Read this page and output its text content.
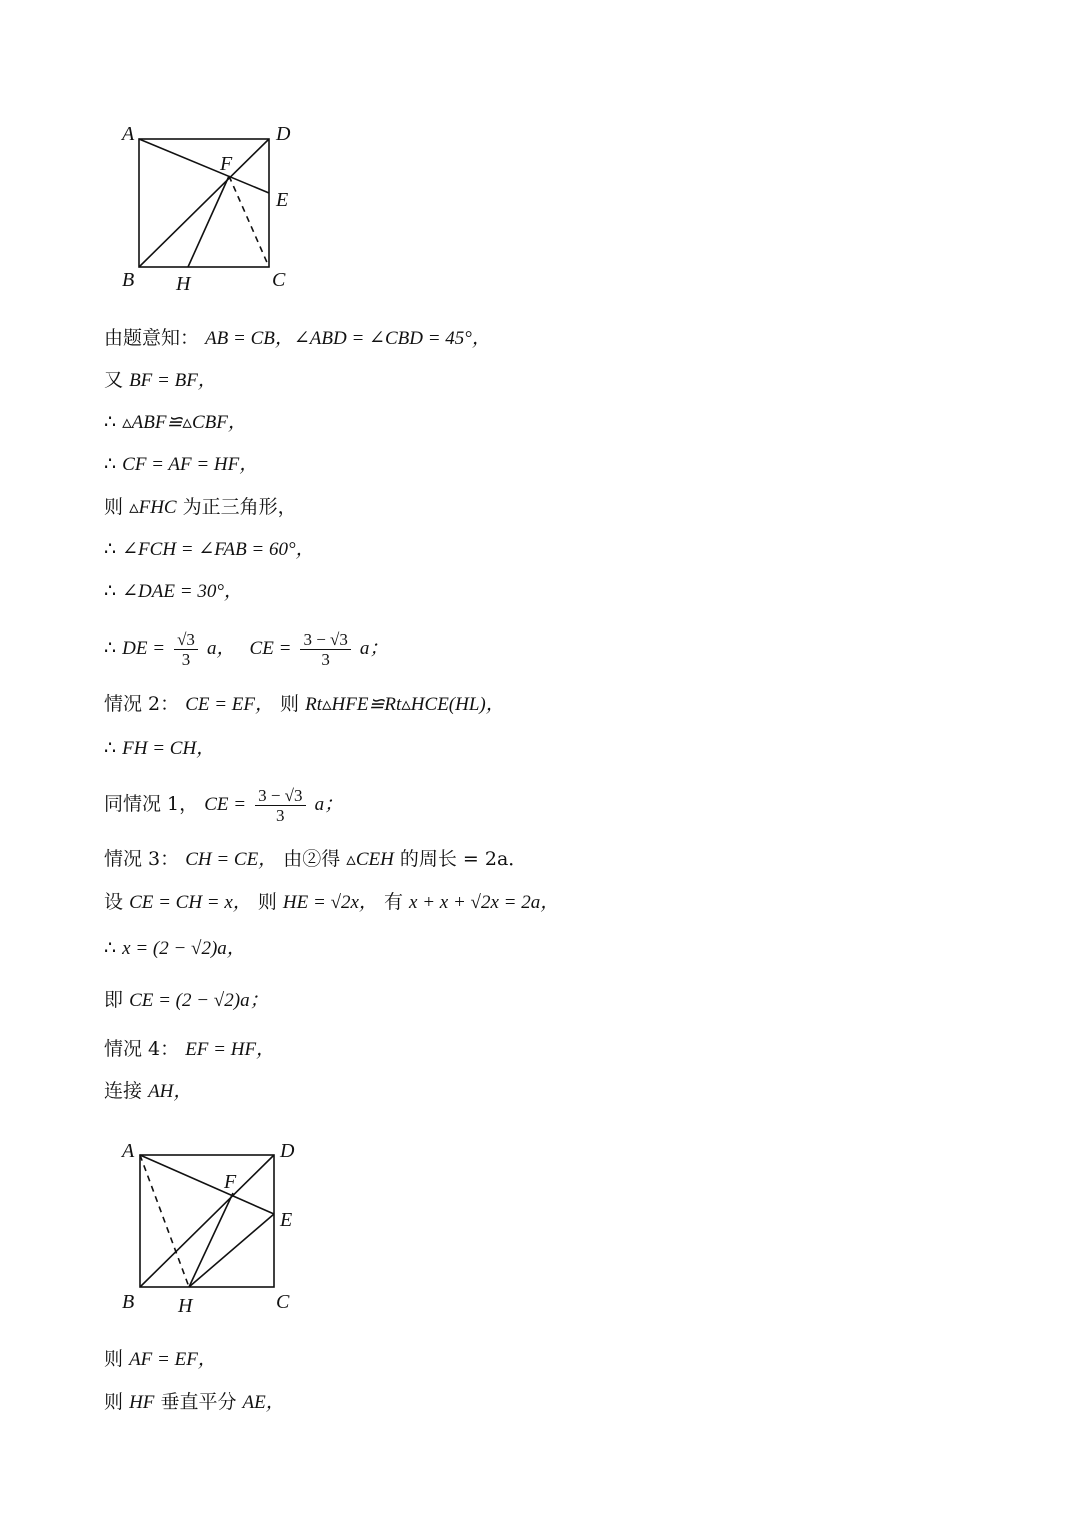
A	D
F
E
B H	C
由题意知： AB = CB，∠ABD = ∠CBD = 45°，
又 BF = BF，
∴ ▵ABF≌▵CBF，
∴ CF = AF = HF，
则 ▵FHC 为正三角形，
∴ ∠FCH = ∠FAB = 60°，
∴ ∠DAE = 30°，
∴ DE = $\frac{√3}{3}$ a， CE = $\frac{3 - √3}{3}$ a；
情况 2： CE = EF， 则 Rt▵HFE≌Rt▵HCE(HL)，
∴ FH = CH，
同情况 1， CE = $\frac{3 - √3}{3}$ a；
情况 3： CH = CE， 由②得 ▵CEH 的周长 = 2a．
设 CE = CH = x， 则 HE = √2x， 有 x + x + √2x = 2a，
∴ x = (2 − √2)a，
即 CE = (2 − √2)a；
情况 4： EF = HF，
连接 AH，
A	D
F
E
B H	C
则 AF = EF，
则 HF 垂直平分 AE，
